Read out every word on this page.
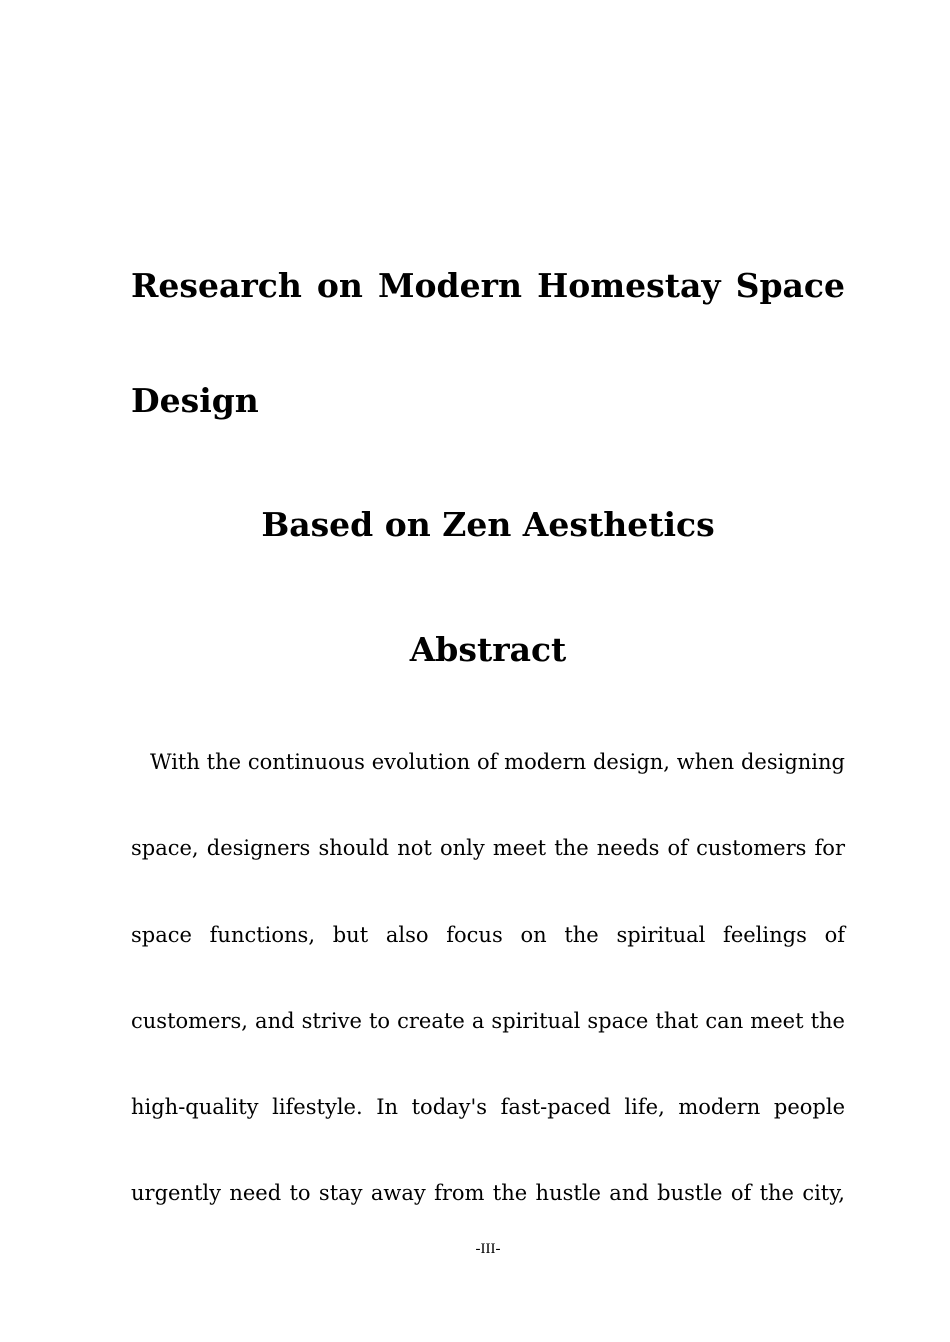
Research on Modern Homestay Space

Design

Based on Zen Aesthetics

Abstract

With the continuous evolution of modern design, when designing

space, designers should not only meet the needs of customers for

space functions, but also focus on the spiritual feelings of

customers, and strive to create a spiritual space that can meet the

high-quality lifestyle. In today's fast-paced life, modern people

urgently need to stay away from the hustle and bustle of the city,

-III-
